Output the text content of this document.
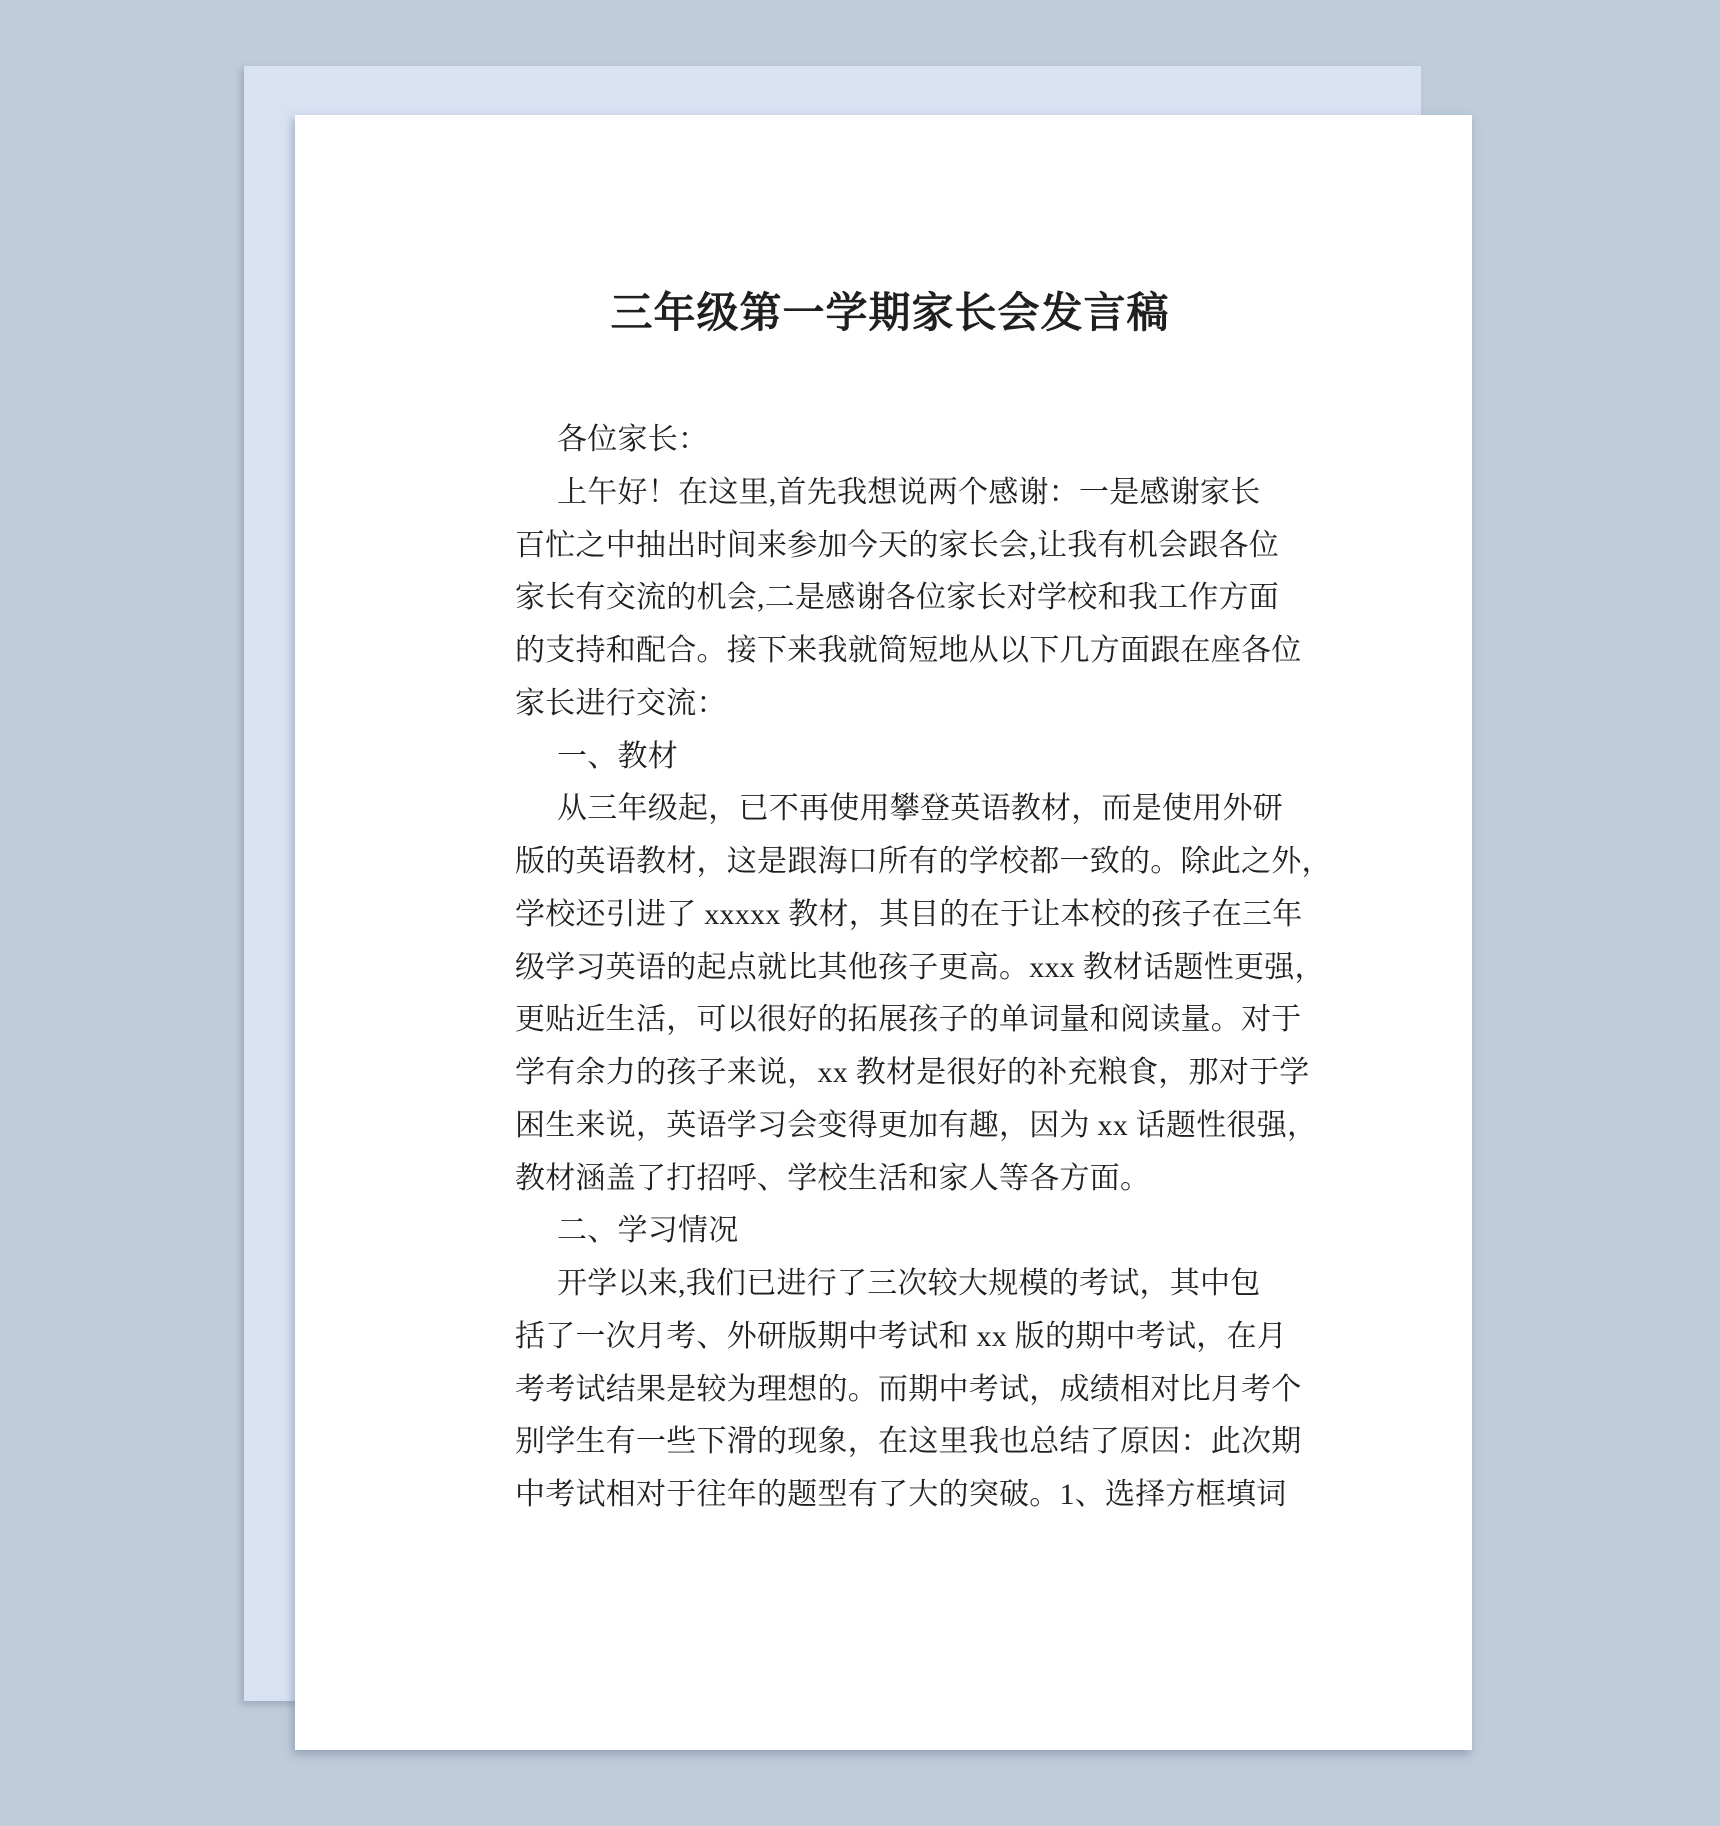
三年级第一学期家长会发言稿
各位家长：
上午好！在这里,首先我想说两个感谢：一是感谢家长
百忙之中抽出时间来参加今天的家长会,让我有机会跟各位
家长有交流的机会,二是感谢各位家长对学校和我工作方面
的支持和配合。接下来我就简短地从以下几方面跟在座各位
家长进行交流：
一、教材
从三年级起，已不再使用攀登英语教材，而是使用外研
版的英语教材，这是跟海口所有的学校都一致的。除此之外，
学校还引进了 xxxxx 教材，其目的在于让本校的孩子在三年
级学习英语的起点就比其他孩子更高。xxx 教材话题性更强，
更贴近生活，可以很好的拓展孩子的单词量和阅读量。对于
学有余力的孩子来说，xx 教材是很好的补充粮食，那对于学
困生来说，英语学习会变得更加有趣，因为 xx 话题性很强，
教材涵盖了打招呼、学校生活和家人等各方面。
二、学习情况
开学以来,我们已进行了三次较大规模的考试，其中包
括了一次月考、外研版期中考试和 xx 版的期中考试，在月
考考试结果是较为理想的。而期中考试，成绩相对比月考个
别学生有一些下滑的现象，在这里我也总结了原因：此次期
中考试相对于往年的题型有了大的突破。1、选择方框填词
